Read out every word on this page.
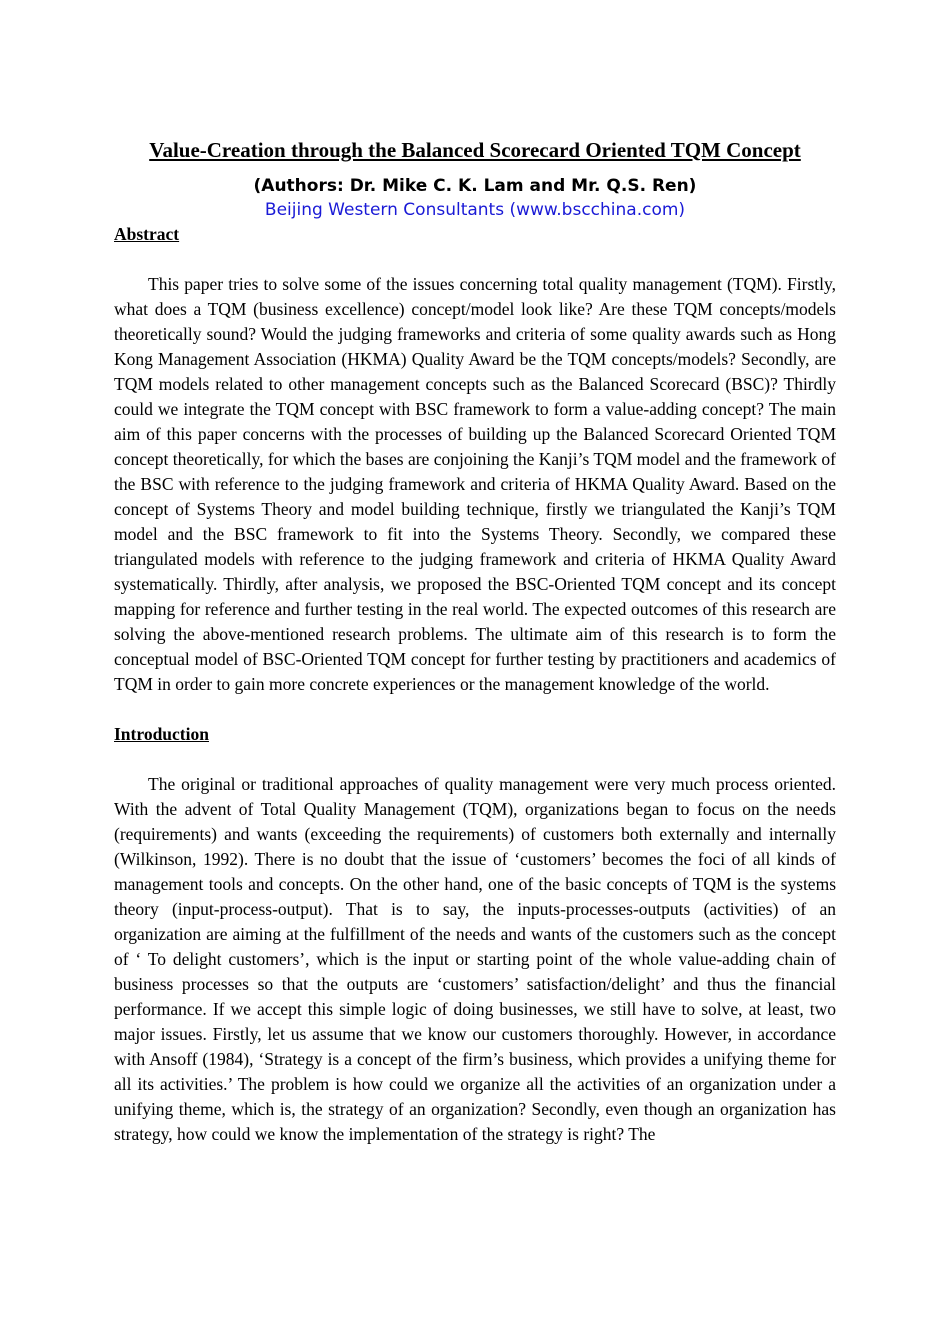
Value-Creation through the Balanced Scorecard Oriented TQM Concept

(Authors: Dr. Mike C. K. Lam and Mr. Q.S. Ren)

Beijing Western Consultants (www.bscchina.com)

Abstract

This paper tries to solve some of the issues concerning total quality management (TQM). Firstly, what does a TQM (business excellence) concept/model look like? Are these TQM concepts/models theoretically sound? Would the judging frameworks and criteria of some quality awards such as Hong Kong Management Association (HKMA) Quality Award be the TQM concepts/models? Secondly, are TQM models related to other management concepts such as the Balanced Scorecard (BSC)? Thirdly could we integrate the TQM concept with BSC framework to form a value-adding concept? The main aim of this paper concerns with the processes of building up the Balanced Scorecard Oriented TQM concept theoretically, for which the bases are conjoining the Kanji’s TQM model and the framework of the BSC with reference to the judging framework and criteria of HKMA Quality Award. Based on the concept of Systems Theory and model building technique, firstly we triangulated the Kanji’s TQM model and the BSC framework to fit into the Systems Theory. Secondly, we compared these triangulated models with reference to the judging framework and criteria of HKMA Quality Award systematically. Thirdly, after analysis, we proposed the BSC-Oriented TQM concept and its concept mapping for reference and further testing in the real world. The expected outcomes of this research are solving the above-mentioned research problems. The ultimate aim of this research is to form the conceptual model of BSC-Oriented TQM concept for further testing by practitioners and academics of TQM in order to gain more concrete experiences or the management knowledge of the world.

Introduction

The original or traditional approaches of quality management were very much process oriented. With the advent of Total Quality Management (TQM), organizations began to focus on the needs (requirements) and wants (exceeding the requirements) of customers both externally and internally (Wilkinson, 1992). There is no doubt that the issue of ‘customers’ becomes the foci of all kinds of management tools and concepts. On the other hand, one of the basic concepts of TQM is the systems theory (input-process-output). That is to say, the inputs-processes-outputs (activities) of an organization are aiming at the fulfillment of the needs and wants of the customers such as the concept of ‘ To delight customers’, which is the input or starting point of the whole value-adding chain of business processes so that the outputs are ‘customers’ satisfaction/delight’ and thus the financial performance. If we accept this simple logic of doing businesses, we still have to solve, at least, two major issues. Firstly, let us assume that we know our customers thoroughly. However, in accordance with Ansoff (1984), ‘Strategy is a concept of the firm’s business, which provides a unifying theme for all its activities.’ The problem is how could we organize all the activities of an organization under a unifying theme, which is, the strategy of an organization? Secondly, even though an organization has strategy, how could we know the implementation of the strategy is right? The
